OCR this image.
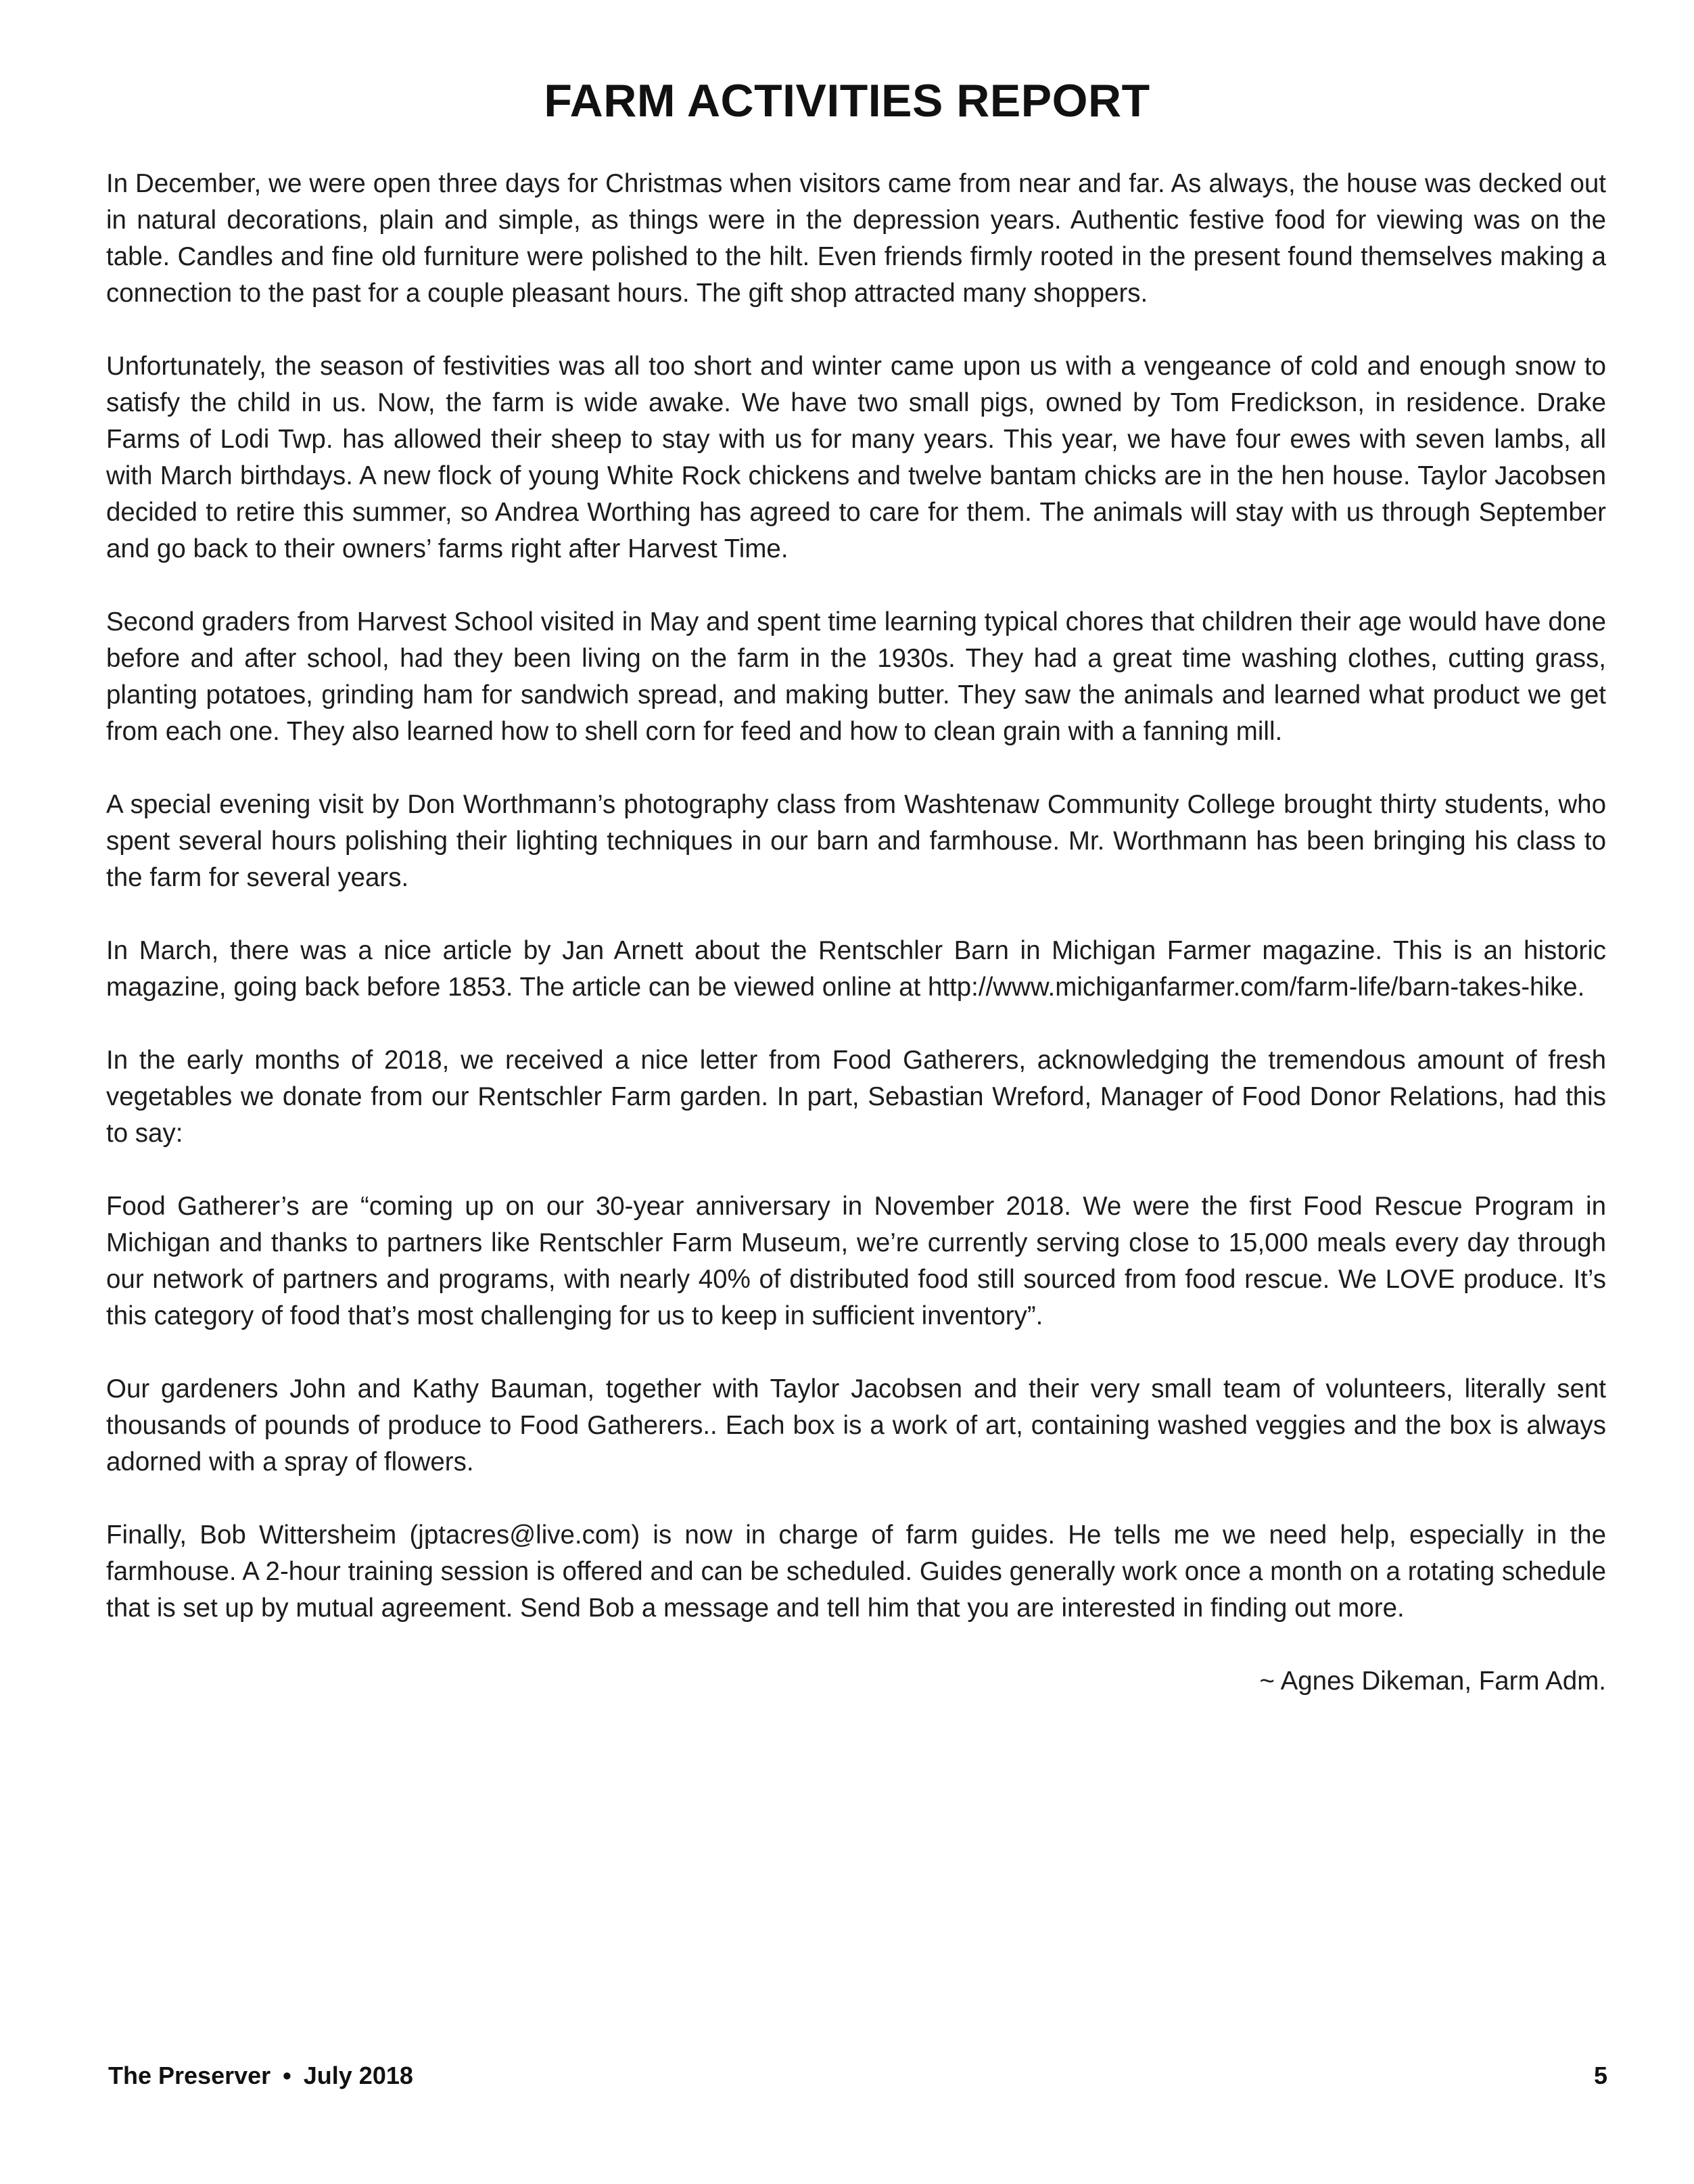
FARM ACTIVITIES REPORT

In December, we were open three days for Christmas when visitors came from near and far. As always, the house was decked out in natural decorations, plain and simple, as things were in the depression years. Authentic festive food for viewing was on the table. Candles and fine old furniture were polished to the hilt. Even friends firmly rooted in the present found themselves making a connection to the past for a couple pleasant hours. The gift shop attracted many shoppers.

Unfortunately, the season of festivities was all too short and winter came upon us with a vengeance of cold and enough snow to satisfy the child in us. Now, the farm is wide awake. We have two small pigs, owned by Tom Fredickson, in residence. Drake Farms of Lodi Twp. has allowed their sheep to stay with us for many years. This year, we have four ewes with seven lambs, all with March birthdays. A new flock of young White Rock chickens and twelve bantam chicks are in the hen house. Taylor Jacobsen decided to retire this summer, so Andrea Worthing has agreed to care for them. The animals will stay with us through September and go back to their owners’ farms right after Harvest Time.

Second graders from Harvest School visited in May and spent time learning typical chores that children their age would have done before and after school, had they been living on the farm in the 1930s. They had a great time washing clothes, cutting grass, planting potatoes, grinding ham for sandwich spread, and making butter. They saw the animals and learned what product we get from each one. They also learned how to shell corn for feed and how to clean grain with a fanning mill.

A special evening visit by Don Worthmann’s photography class from Washtenaw Community College brought thirty students, who spent several hours polishing their lighting techniques in our barn and farmhouse. Mr. Worthmann has been bringing his class to the farm for several years.

In March, there was a nice article by Jan Arnett about the Rentschler Barn in Michigan Farmer magazine. This is an historic magazine, going back before 1853. The article can be viewed online at http://www.michiganfarmer.com/farm-life/barn-takes-hike.

In the early months of 2018, we received a nice letter from Food Gatherers, acknowledging the tremendous amount of fresh vegetables we donate from our Rentschler Farm garden. In part, Sebastian Wreford, Manager of Food Donor Relations, had this to say:

Food Gatherer’s are “coming up on our 30-year anniversary in November 2018. We were the first Food Rescue Program in Michigan and thanks to partners like Rentschler Farm Museum, we’re currently serving close to 15,000 meals every day through our network of partners and programs, with nearly 40% of distributed food still sourced from food rescue. We LOVE produce. It’s this category of food that’s most challenging for us to keep in sufficient inventory”.

Our gardeners John and Kathy Bauman, together with Taylor Jacobsen and their very small team of volunteers, literally sent thousands of pounds of produce to Food Gatherers.. Each box is a work of art, containing washed veggies and the box is always adorned with a spray of flowers.

Finally, Bob Wittersheim (jptacres@live.com) is now in charge of farm guides. He tells me we need help, especially in the farmhouse. A 2-hour training session is offered and can be scheduled. Guides generally work once a month on a rotating schedule that is set up by mutual agreement. Send Bob a message and tell him that you are interested in finding out more.

~ Agnes Dikeman, Farm Adm.

The Preserver • July 2018	5
